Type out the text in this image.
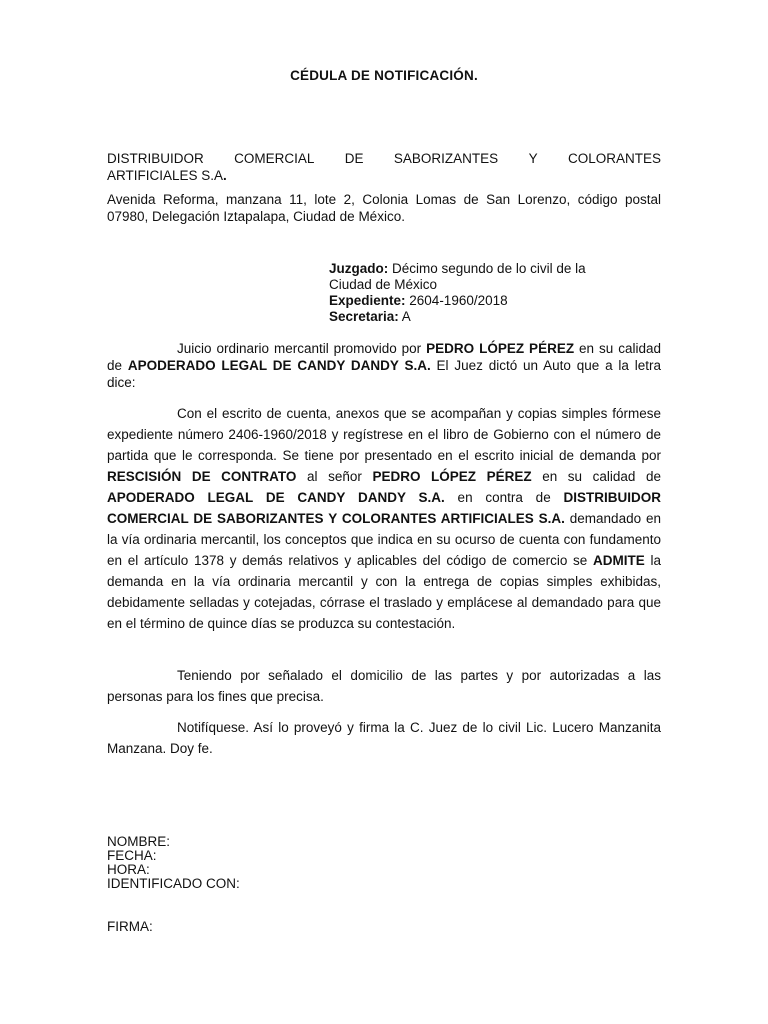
CÉDULA DE NOTIFICACIÓN.
DISTRIBUIDOR COMERCIAL DE SABORIZANTES Y COLORANTES
ARTIFICIALES S.A.
Avenida Reforma, manzana 11, lote 2, Colonia Lomas de San Lorenzo, código postal 07980, Delegación Iztapalapa, Ciudad de México.
Juzgado: Décimo segundo de lo civil de la Ciudad de México
Expediente: 2604-1960/2018
Secretaria: A
Juicio ordinario mercantil promovido por PEDRO LÓPEZ PÉREZ en su calidad de APODERADO LEGAL DE CANDY DANDY S.A. El Juez dictó un Auto que a la letra dice:
Con el escrito de cuenta, anexos que se acompañan y copias simples fórmese expediente número 2406-1960/2018 y regístrese en el libro de Gobierno con el número de partida que le corresponda. Se tiene por presentado en el escrito inicial de demanda por RESCISIÓN DE CONTRATO al señor PEDRO LÓPEZ PÉREZ en su calidad de APODERADO LEGAL DE CANDY DANDY S.A. en contra de DISTRIBUIDOR COMERCIAL DE SABORIZANTES Y COLORANTES ARTIFICIALES S.A. demandado en la vía ordinaria mercantil, los conceptos que indica en su ocurso de cuenta con fundamento en el artículo 1378 y demás relativos y aplicables del código de comercio se ADMITE la demanda en la vía ordinaria mercantil y con la entrega de copias simples exhibidas, debidamente selladas y cotejadas, córrase el traslado y emplácese al demandado para que en el término de quince días se produzca su contestación.
Teniendo por señalado el domicilio de las partes y por autorizadas a las personas para los fines que precisa.
Notifíquese. Así lo proveyó y firma la C. Juez de lo civil Lic. Lucero Manzanita Manzana. Doy fe.
NOMBRE:
FECHA:
HORA:
IDENTIFICADO CON:
FIRMA:
